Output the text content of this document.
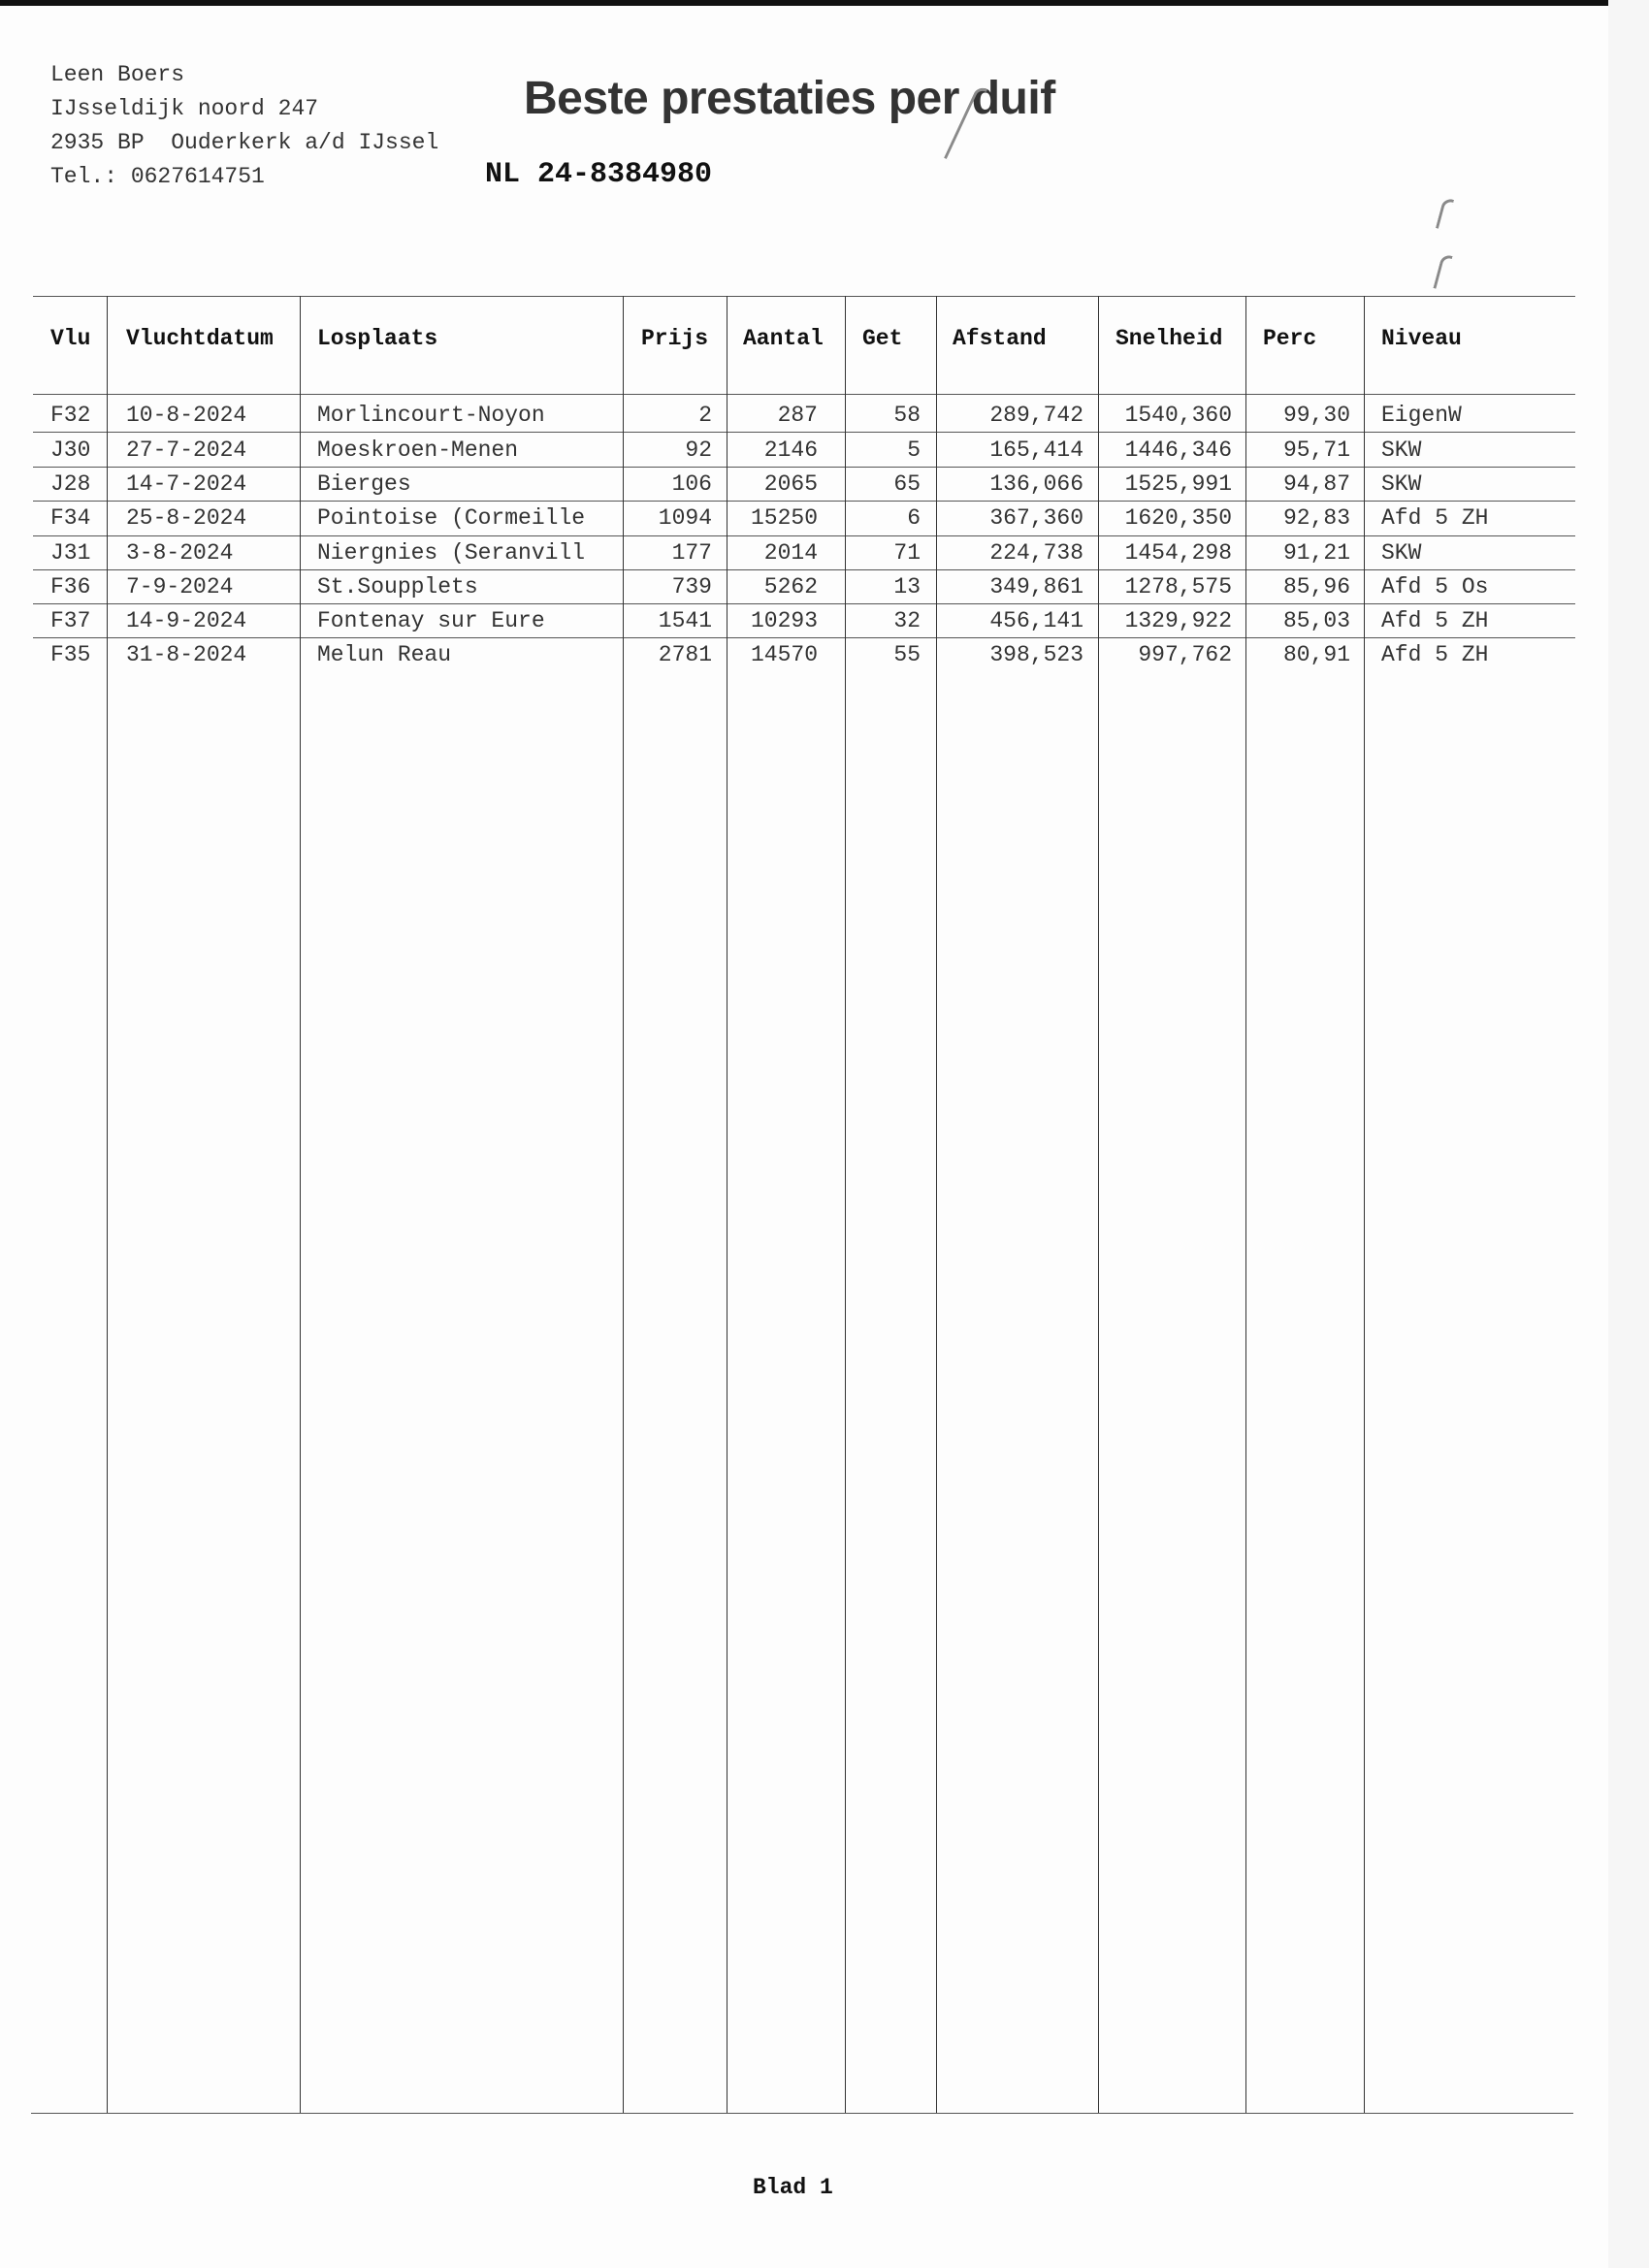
Leen Boers
IJsseldijk noord 247
2935 BP  Ouderkerk a/d IJssel
Tel.: 0627614751
Beste prestaties per duif
NL 24-8384980
Vlu Vluchtdatum Losplaats	Prijs Aantal Get Afstand	Snelheid Perc	Niveau
F32	10-8-2024	Morlincourt-Noyon	2	287	58	289,742	1540,360	99,30 EigenW
J30	27-7-2024	Moeskroen-Menen	92	2146	5	165,414	1446,346	95,71 SKW
J28	14-7-2024	Bierges	106	2065	65	136,066	1525,991	94,87 SKW
F34	25-8-2024	Pointoise (Cormeille	1094	15250	6	367,360	1620,350	92,83 Afd 5 ZH
J31	3-8-2024	Niergnies (Seranvill	177	2014	71	224,738	1454,298	91,21 SKW
F36	7-9-2024	St.Soupplets	739	5262	13	349,861	1278,575	85,96 Afd 5 Os
F37	14-9-2024	Fontenay sur Eure	1541	10293	32	456,141	1329,922	85,03 Afd 5 ZH
F35	31-8-2024	Melun Reau	2781	14570	55	398,523	997,762	80,91 Afd 5 ZH
Blad 1
